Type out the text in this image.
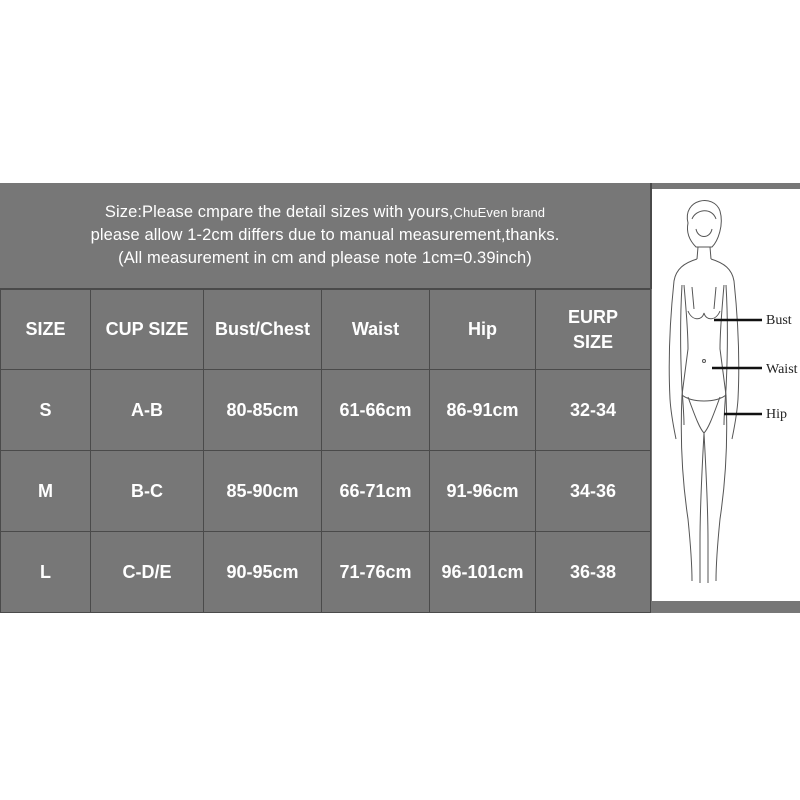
Size:Please cmpare the detail sizes with yours,ChuEven brand
please allow 1-2cm differs due to manual measurement,thanks.
(All measurement in cm and please note 1cm=0.39inch)
SIZE	CUP SIZE	Bust/Chest	Waist	Hip	EURP SIZE

S	A-B	80-85cm	61-66cm	86-91cm	32-34
M	B-C	85-90cm	66-71cm	91-96cm	34-36
L	C-D/E	90-95cm	71-76cm	96-101cm	36-38
Bust
Waist
Hip
